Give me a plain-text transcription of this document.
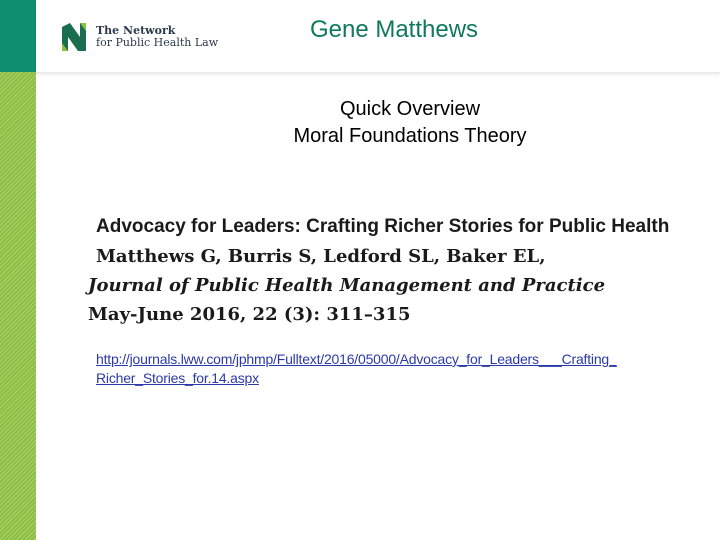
The Network
for Public Health Law	Gene Matthews
Quick Overview
Moral Foundations Theory
Advocacy for Leaders: Crafting Richer Stories for Public Health
Matthews G, Burris S, Ledford SL, Baker EL,
Journal of Public Health Management and Practice
May-June 2016, 22 (3): 311–315
http://journals.lww.com/jphmp/Fulltext/2016/05000/Advocacy_for_Leaders___Crafting_
Richer_Stories_for.14.aspx
